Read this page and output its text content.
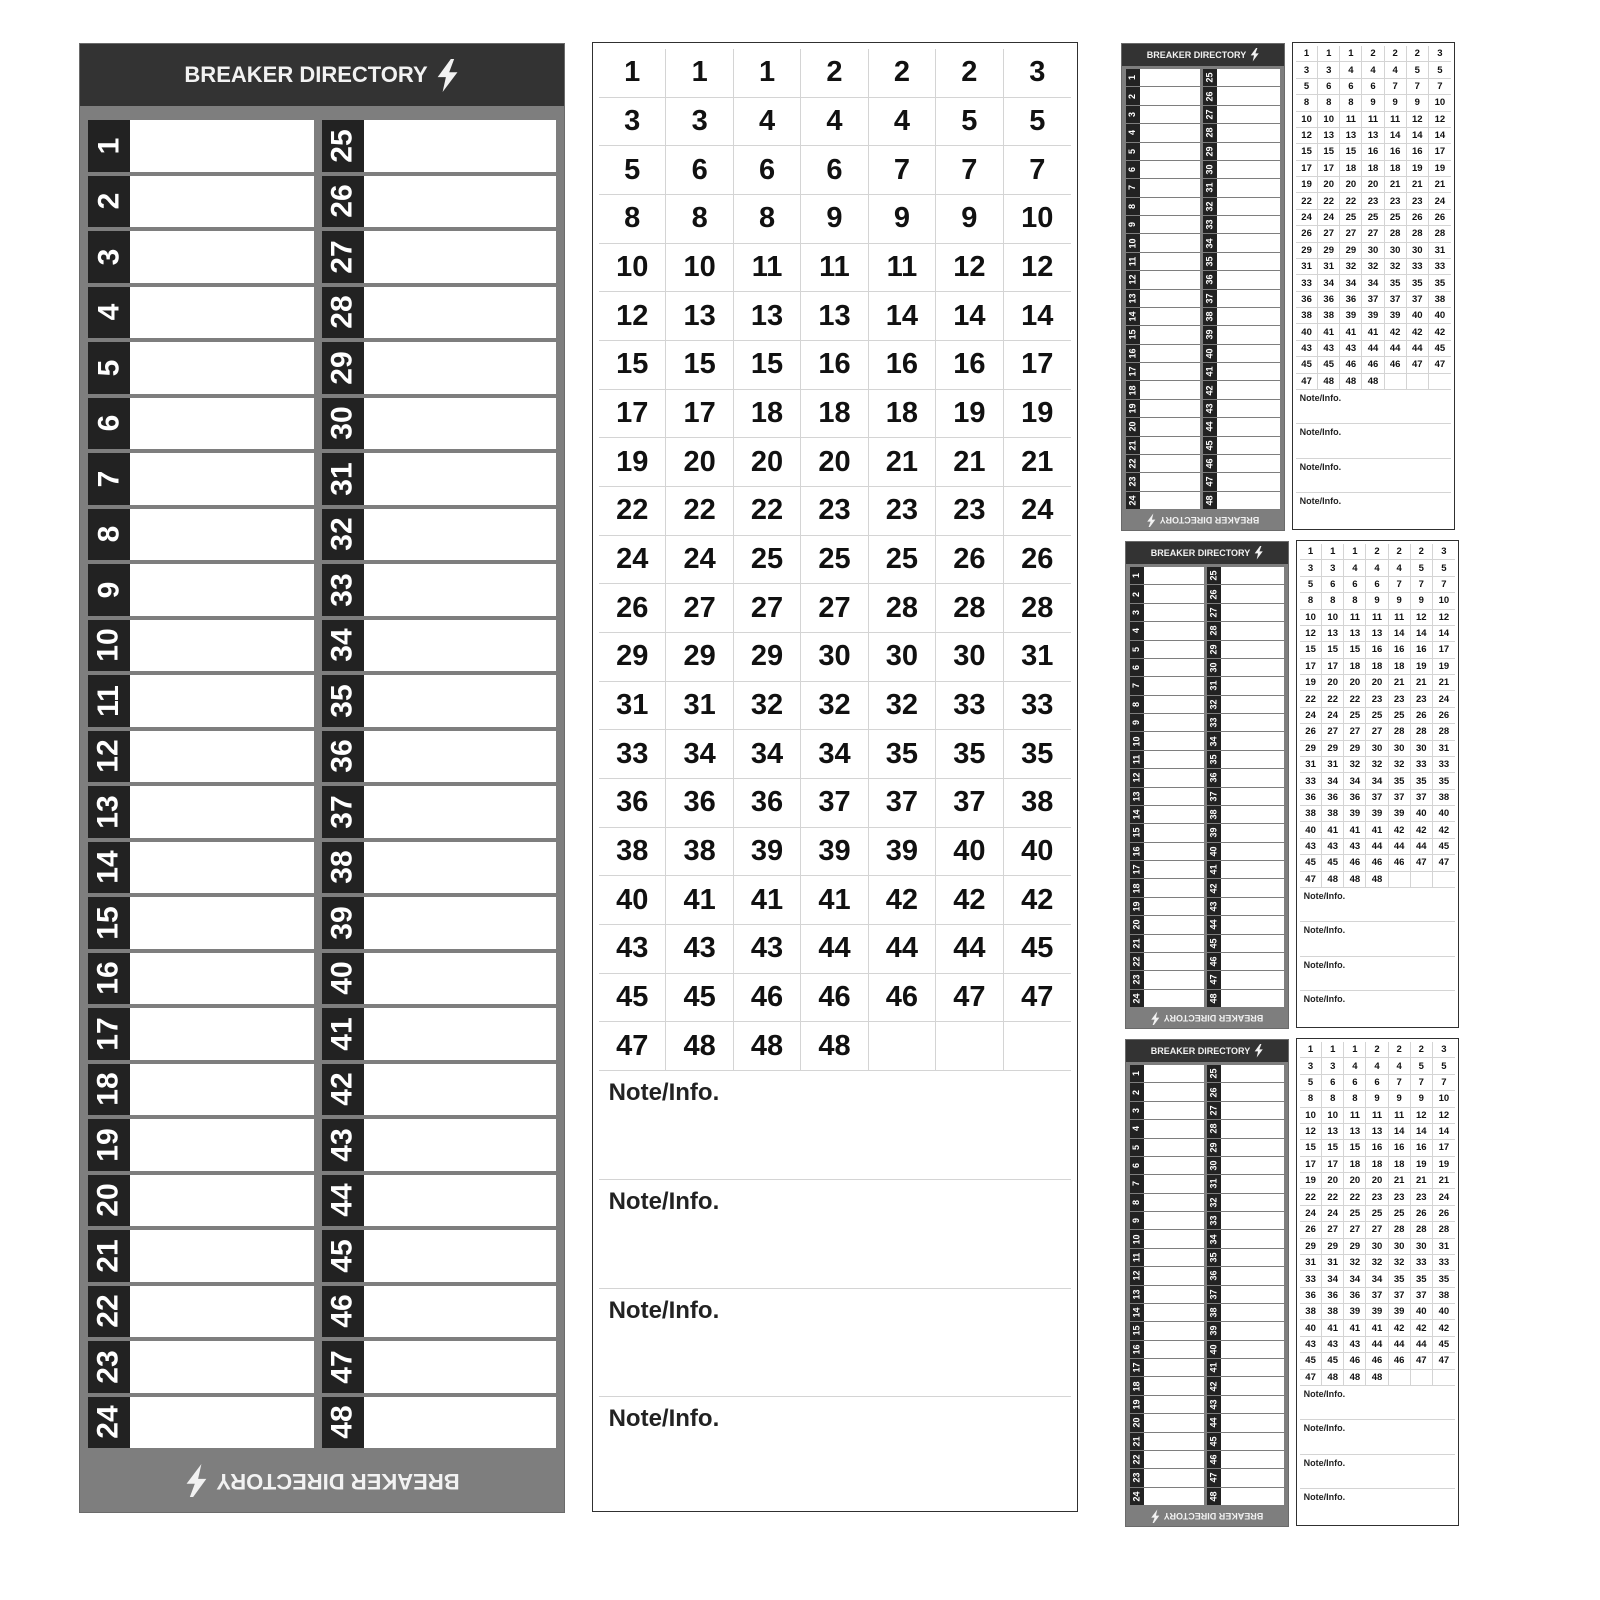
BREAKER DIRECTORY
BREAKER DIRECTORY
1	25
2	26
3	27
4	28
5	29
6	30
7	31
8	32
9	33
10	34
11	35
12	36
13	37
14	38
15	39
16	40
17	41
18	42
19	43
20	44
21	45
22	46
23	47
24	48
1	1	1	2	2	2	3
3	3	4	4	4	5	5
5	6	6	6	7	7	7
8	8	8	9	9	9	10
10	10	11	11	11	12	12
12	13	13	13	14	14	14
15	15	15	16	16	16	17
17	17	18	18	18	19	19
19	20	20	20	21	21	21
22	22	22	23	23	23	24
24	24	25	25	25	26	26
26	27	27	27	28	28	28
29	29	29	30	30	30	31
31	31	32	32	32	33	33
33	34	34	34	35	35	35
36	36	36	37	37	37	38
38	38	39	39	39	40	40
40	41	41	41	42	42	42
43	43	43	44	44	44	45
45	45	46	46	46	47	47
47	48	48	48
Note/Info.
Note/Info.
Note/Info.
Note/Info.
BREAKER DIRECTORY
BREAKER DIRECTORY
1	25
2	26
3	27
4	28
5	29
6	30
7	31
8	32
9	33
10	34
11	35
12	36
13	37
14	38
15	39
16	40
17	41
18	42
19	43
20	44
21	45
22	46
23	47
24	48
1	1	1	2	2	2	3
3	3	4	4	4	5	5
5	6	6	6	7	7	7
8	8	8	9	9	9	10
10	10	11	11	11	12	12
12	13	13	13	14	14	14
15	15	15	16	16	16	17
17	17	18	18	18	19	19
19	20	20	20	21	21	21
22	22	22	23	23	23	24
24	24	25	25	25	26	26
26	27	27	27	28	28	28
29	29	29	30	30	30	31
31	31	32	32	32	33	33
33	34	34	34	35	35	35
36	36	36	37	37	37	38
38	38	39	39	39	40	40
40	41	41	41	42	42	42
43	43	43	44	44	44	45
45	45	46	46	46	47	47
47	48	48	48
Note/Info.
Note/Info.
Note/Info.
Note/Info.
BREAKER DIRECTORY
BREAKER DIRECTORY
1	25
2	26
3	27
4	28
5	29
6	30
7	31
8	32
9	33
10	34
11	35
12	36
13	37
14	38
15	39
16	40
17	41
18	42
19	43
20	44
21	45
22	46
23	47
24	48
1	1	1	2	2	2	3
3	3	4	4	4	5	5
5	6	6	6	7	7	7
8	8	8	9	9	9	10
10	10	11	11	11	12	12
12	13	13	13	14	14	14
15	15	15	16	16	16	17
17	17	18	18	18	19	19
19	20	20	20	21	21	21
22	22	22	23	23	23	24
24	24	25	25	25	26	26
26	27	27	27	28	28	28
29	29	29	30	30	30	31
31	31	32	32	32	33	33
33	34	34	34	35	35	35
36	36	36	37	37	37	38
38	38	39	39	39	40	40
40	41	41	41	42	42	42
43	43	43	44	44	44	45
45	45	46	46	46	47	47
47	48	48	48
Note/Info.
Note/Info.
Note/Info.
Note/Info.
BREAKER DIRECTORY
BREAKER DIRECTORY
1	25
2	26
3	27
4	28
5	29
6	30
7	31
8	32
9	33
10	34
11	35
12	36
13	37
14	38
15	39
16	40
17	41
18	42
19	43
20	44
21	45
22	46
23	47
24	48
1	1	1	2	2	2	3
3	3	4	4	4	5	5
5	6	6	6	7	7	7
8	8	8	9	9	9	10
10	10	11	11	11	12	12
12	13	13	13	14	14	14
15	15	15	16	16	16	17
17	17	18	18	18	19	19
19	20	20	20	21	21	21
22	22	22	23	23	23	24
24	24	25	25	25	26	26
26	27	27	27	28	28	28
29	29	29	30	30	30	31
31	31	32	32	32	33	33
33	34	34	34	35	35	35
36	36	36	37	37	37	38
38	38	39	39	39	40	40
40	41	41	41	42	42	42
43	43	43	44	44	44	45
45	45	46	46	46	47	47
47	48	48	48
Note/Info.
Note/Info.
Note/Info.
Note/Info.
